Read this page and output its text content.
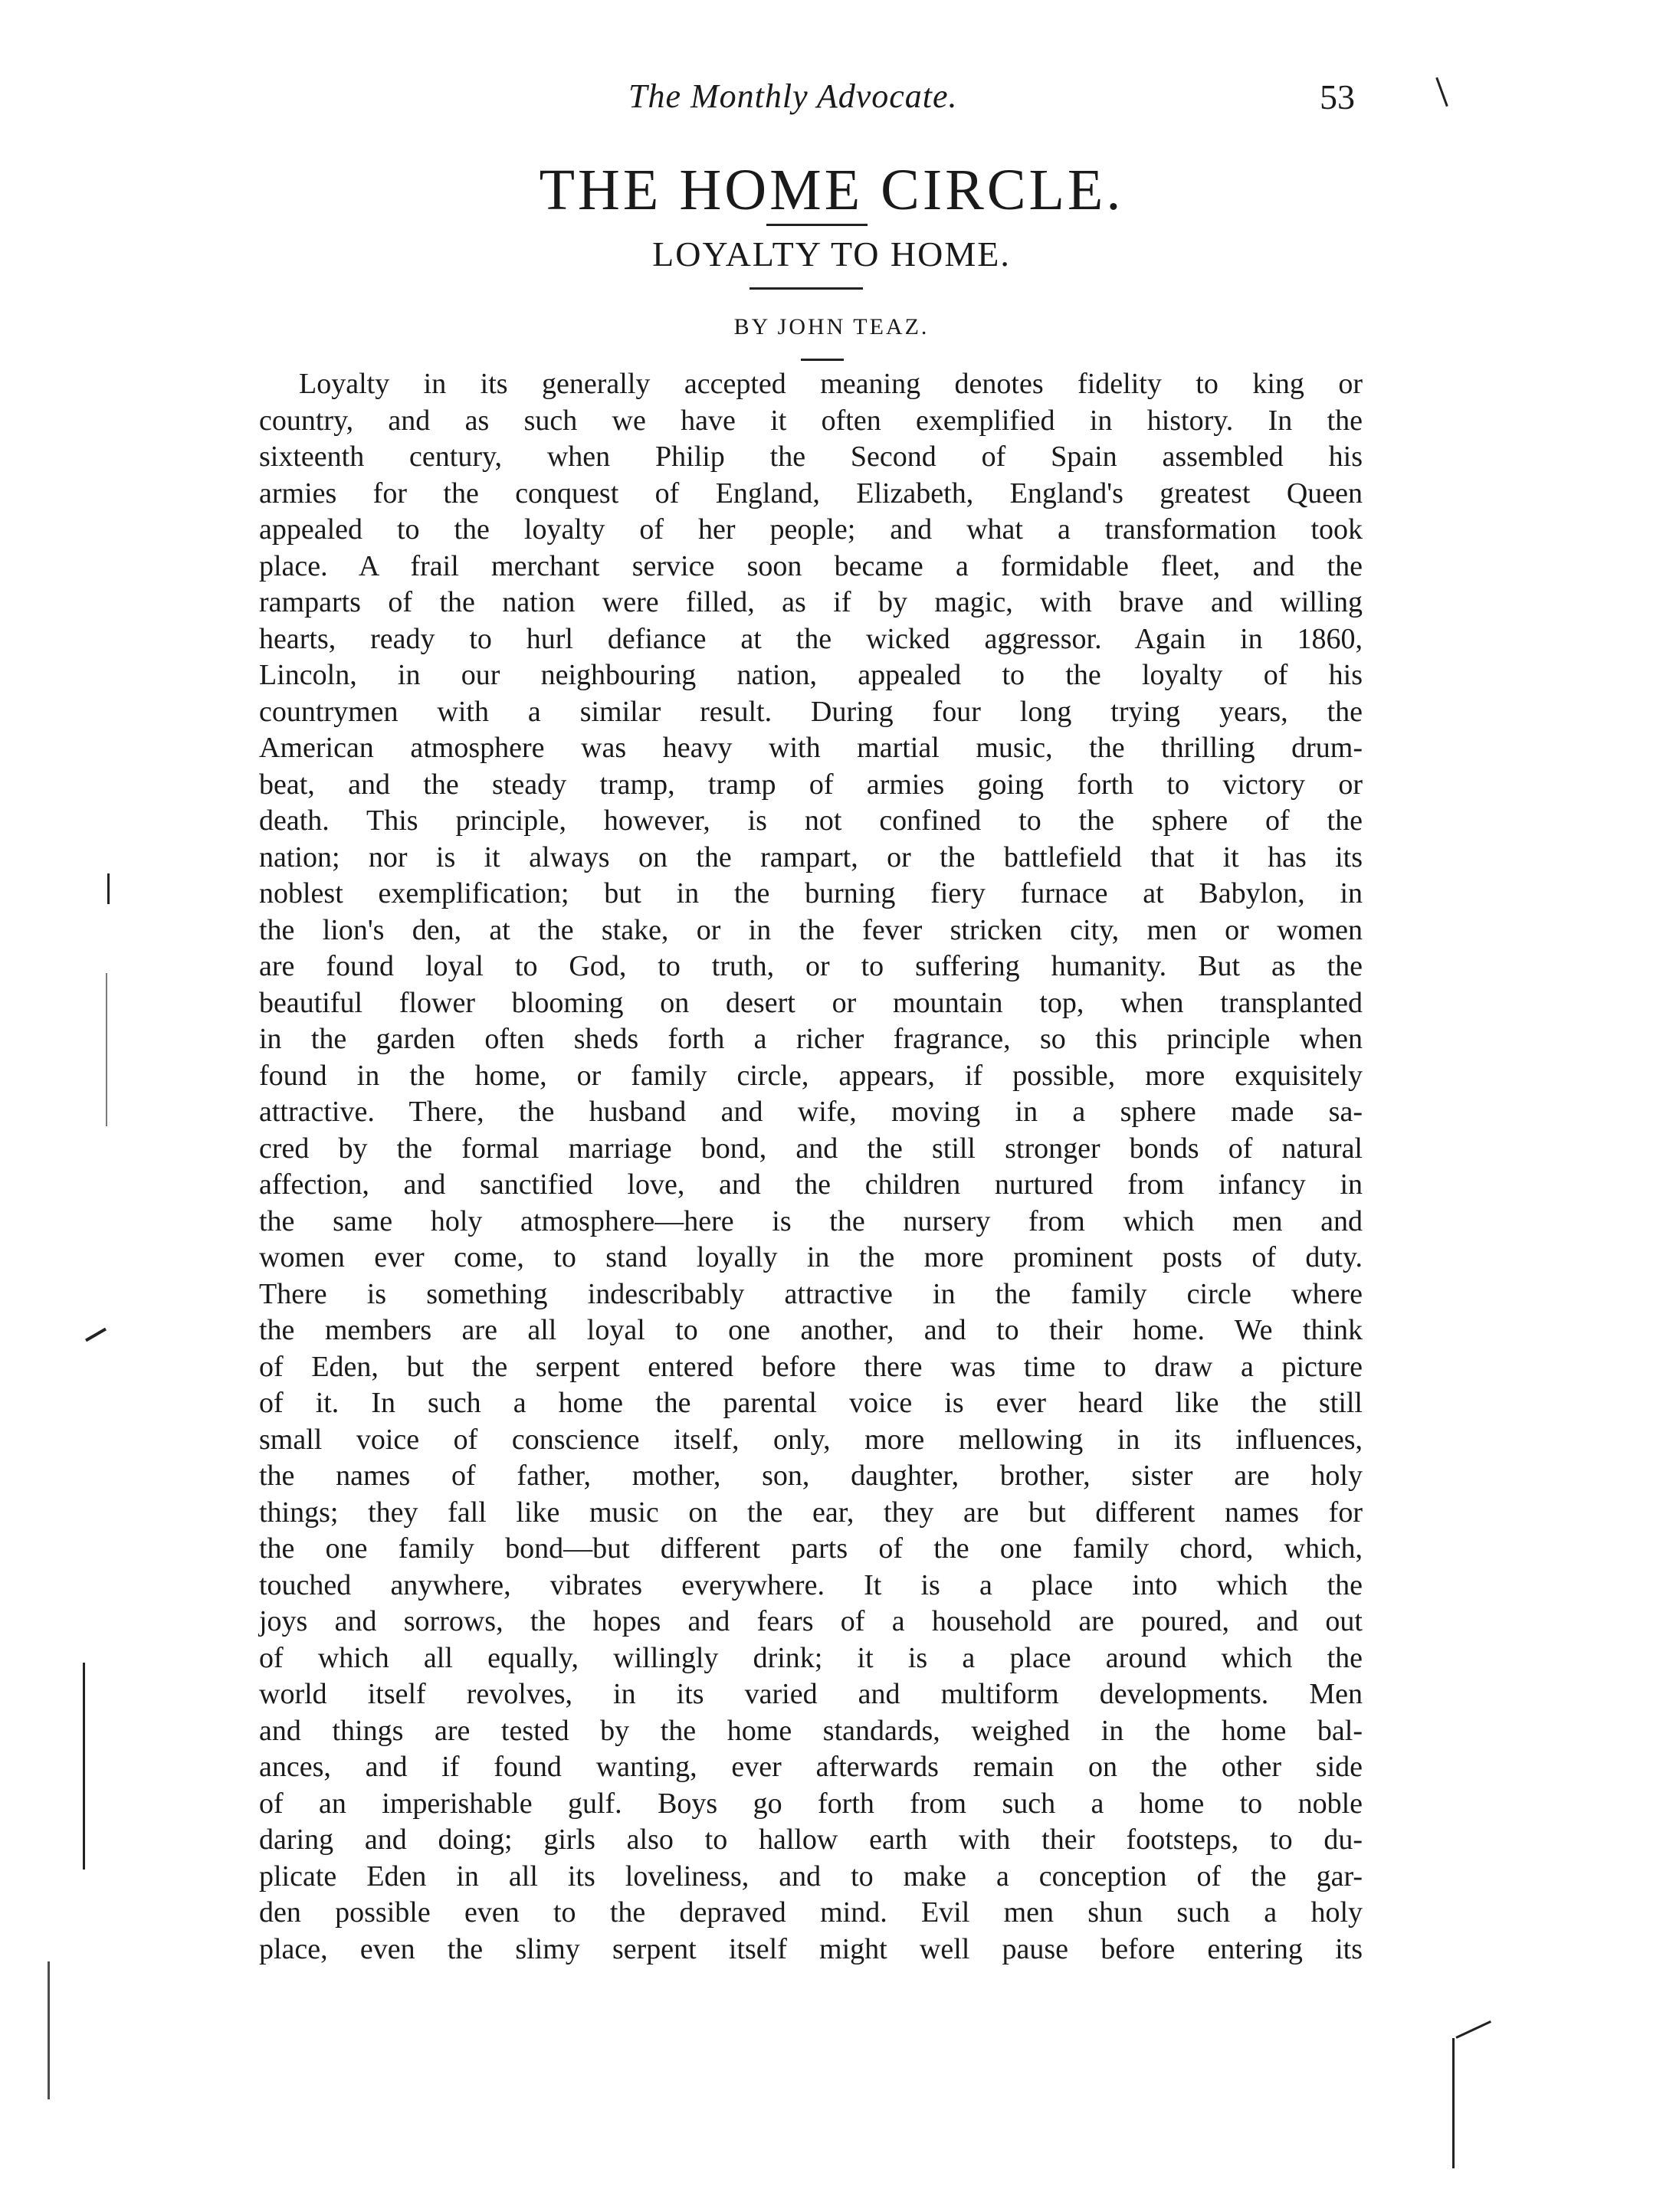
The Monthly Advocate.	53
THE HOME CIRCLE.
LOYALTY TO HOME.
BY JOHN TEAZ.
Loyalty in its generally accepted meaning denotes fidelity to king or
country, and as such we have it often exemplified in history. In the
sixteenth century, when Philip the Second of Spain assembled his
armies for the conquest of England, Elizabeth, England's greatest Queen
appealed to the loyalty of her people; and what a transformation took
place. A frail merchant service soon became a formidable fleet, and the
ramparts of the nation were filled, as if by magic, with brave and willing
hearts, ready to hurl defiance at the wicked aggressor. Again in 1860,
Lincoln, in our neighbouring nation, appealed to the loyalty of his
countrymen with a similar result. During four long trying years, the
American atmosphere was heavy with martial music, the thrilling drum-
beat, and the steady tramp, tramp of armies going forth to victory or
death. This principle, however, is not confined to the sphere of the
nation; nor is it always on the rampart, or the battlefield that it has its
noblest exemplification; but in the burning fiery furnace at Babylon, in
the lion's den, at the stake, or in the fever stricken city, men or women
are found loyal to God, to truth, or to suffering humanity. But as the
beautiful flower blooming on desert or mountain top, when transplanted
in the garden often sheds forth a richer fragrance, so this principle when
found in the home, or family circle, appears, if possible, more exquisitely
attractive. There, the husband and wife, moving in a sphere made sa-
cred by the formal marriage bond, and the still stronger bonds of natural
affection, and sanctified love, and the children nurtured from infancy in
the same holy atmosphere—here is the nursery from which men and
women ever come, to stand loyally in the more prominent posts of duty.
There is something indescribably attractive in the family circle where
the members are all loyal to one another, and to their home. We think
of Eden, but the serpent entered before there was time to draw a picture
of it. In such a home the parental voice is ever heard like the still
small voice of conscience itself, only, more mellowing in its influences,
the names of father, mother, son, daughter, brother, sister are holy
things; they fall like music on the ear, they are but different names for
the one family bond—but different parts of the one family chord, which,
touched anywhere, vibrates everywhere. It is a place into which the
joys and sorrows, the hopes and fears of a household are poured, and out
of which all equally, willingly drink; it is a place around which the
world itself revolves, in its varied and multiform developments. Men
and things are tested by the home standards, weighed in the home bal-
ances, and if found wanting, ever afterwards remain on the other side
of an imperishable gulf. Boys go forth from such a home to noble
daring and doing; girls also to hallow earth with their footsteps, to du-
plicate Eden in all its loveliness, and to make a conception of the gar-
den possible even to the depraved mind. Evil men shun such a holy
place, even the slimy serpent itself might well pause before entering its
